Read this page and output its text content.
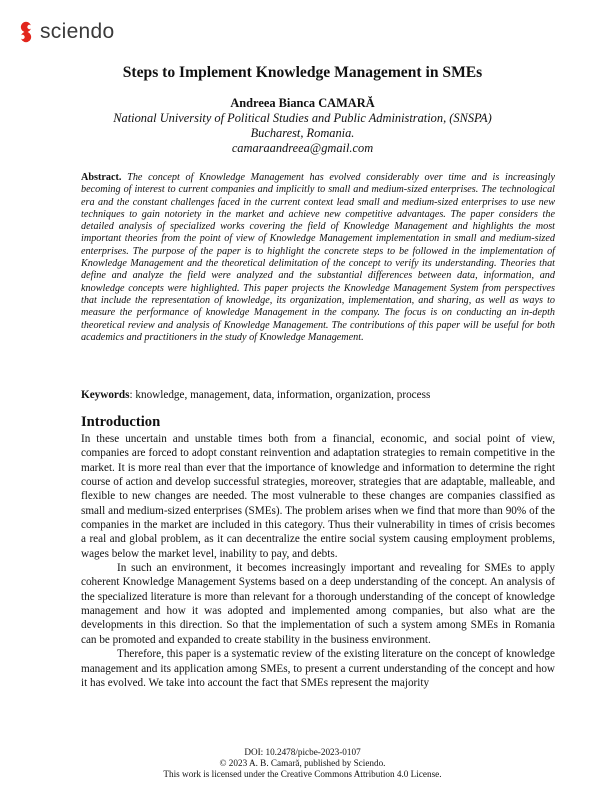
sciendo
Steps to Implement Knowledge Management in SMEs
Andreea Bianca CAMARĂ
National University of Political Studies and Public Administration, (SNSPA)
Bucharest, Romania.
camaraandreea@gmail.com

Abstract. The concept of Knowledge Management has evolved considerably over time and is increasingly becoming of interest to current companies and implicitly to small and medium-sized enterprises. The technological era and the constant challenges faced in the current context lead small and medium-sized enterprises to use new techniques to gain notoriety in the market and achieve new competitive advantages. The paper considers the detailed analysis of specialized works covering the field of Knowledge Management and highlights the most important theories from the point of view of Knowledge Management implementation in small and medium-sized enterprises. The purpose of the paper is to highlight the concrete steps to be followed in the implementation of Knowledge Management and the theoretical delimitation of the concept to verify its understanding. Theories that define and analyze the field were analyzed and the substantial differences between data, information, and knowledge concepts were highlighted. This paper projects the Knowledge Management System from perspectives that include the representation of knowledge, its organization, implementation, and sharing, as well as ways to measure the performance of knowledge Management in the company. The focus is on conducting an in-depth theoretical review and analysis of Knowledge Management. The contributions of this paper will be useful for both academics and practitioners in the study of Knowledge Management.

Keywords: knowledge, management, data, information, organization, process

Introduction

In these uncertain and unstable times both from a financial, economic, and social point of view, companies are forced to adopt constant reinvention and adaptation strategies to remain competitive in the market. It is more real than ever that the importance of knowledge and information to determine the right course of action and develop successful strategies, moreover, strategies that are adaptable, malleable, and flexible to new changes are needed. The most vulnerable to these changes are companies classified as small and medium-sized enterprises (SMEs). The problem arises when we find that more than 90% of the companies in the market are included in this category. Thus their vulnerability in times of crisis becomes a real and global problem, as it can decentralize the entire social system causing employment problems, wages below the market level, inability to pay, and debts.

In such an environment, it becomes increasingly important and revealing for SMEs to apply coherent Knowledge Management Systems based on a deep understanding of the concept. An analysis of the specialized literature is more than relevant for a thorough understanding of the concept of knowledge management and how it was adopted and implemented among companies, but also what are the developments in this direction. So that the implementation of such a system among SMEs in Romania can be promoted and expanded to create stability in the business environment.

Therefore, this paper is a systematic review of the existing literature on the concept of knowledge management and its application among SMEs, to present a current understanding of the concept and how it has evolved. We take into account the fact that SMEs represent the majority

DOI: 10.2478/picbe-2023-0107
© 2023 A. B. Camară, published by Sciendo.
This work is licensed under the Creative Commons Attribution 4.0 License.
